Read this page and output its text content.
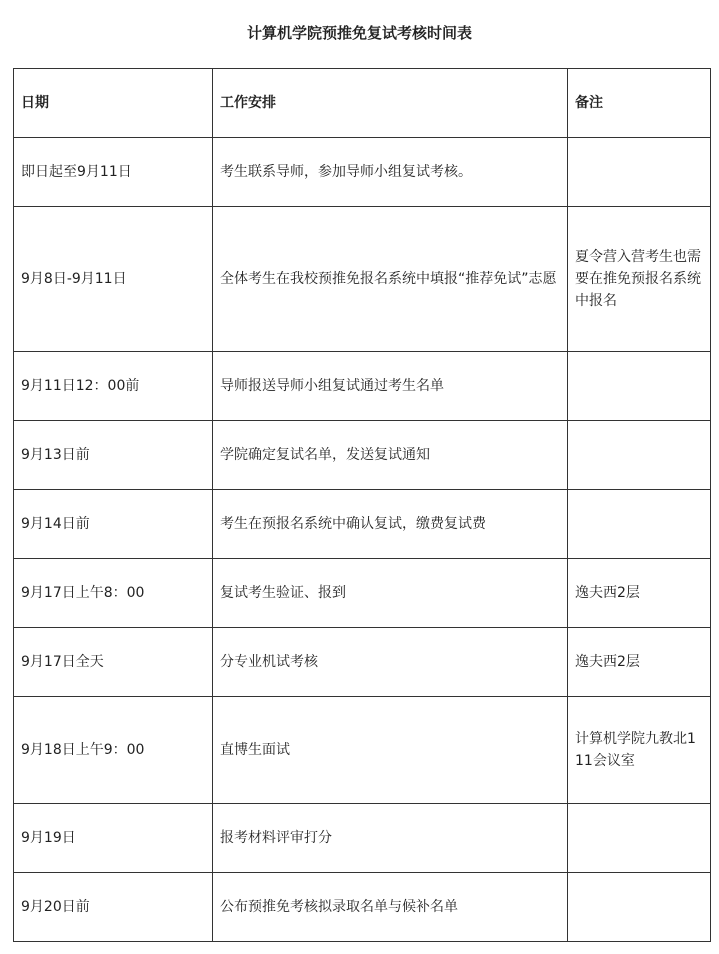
计算机学院预推免复试考核时间表
日期	工作安排	备注
即日起至9月11日	考生联系导师，参加导师小组复试考核。	
9月8日-9月11日	全体考生在我校预推免报名系统中填报“推荐免试”志愿	夏令营入营考生也需要在推免预报名系统中报名
9月11日12：00前	导师报送导师小组复试通过考生名单	
9月13日前	学院确定复试名单，发送复试通知	
9月14日前	考生在预报名系统中确认复试，缴费复试费	
9月17日上午8：00	复试考生验证、报到	逸夫西2层
9月17日全天	分专业机试考核	逸夫西2层
9月18日上午9：00	直博生面试	计算机学院九教北111会议室
9月19日	报考材料评审打分	
9月20日前	公布预推免考核拟录取名单与候补名单	
